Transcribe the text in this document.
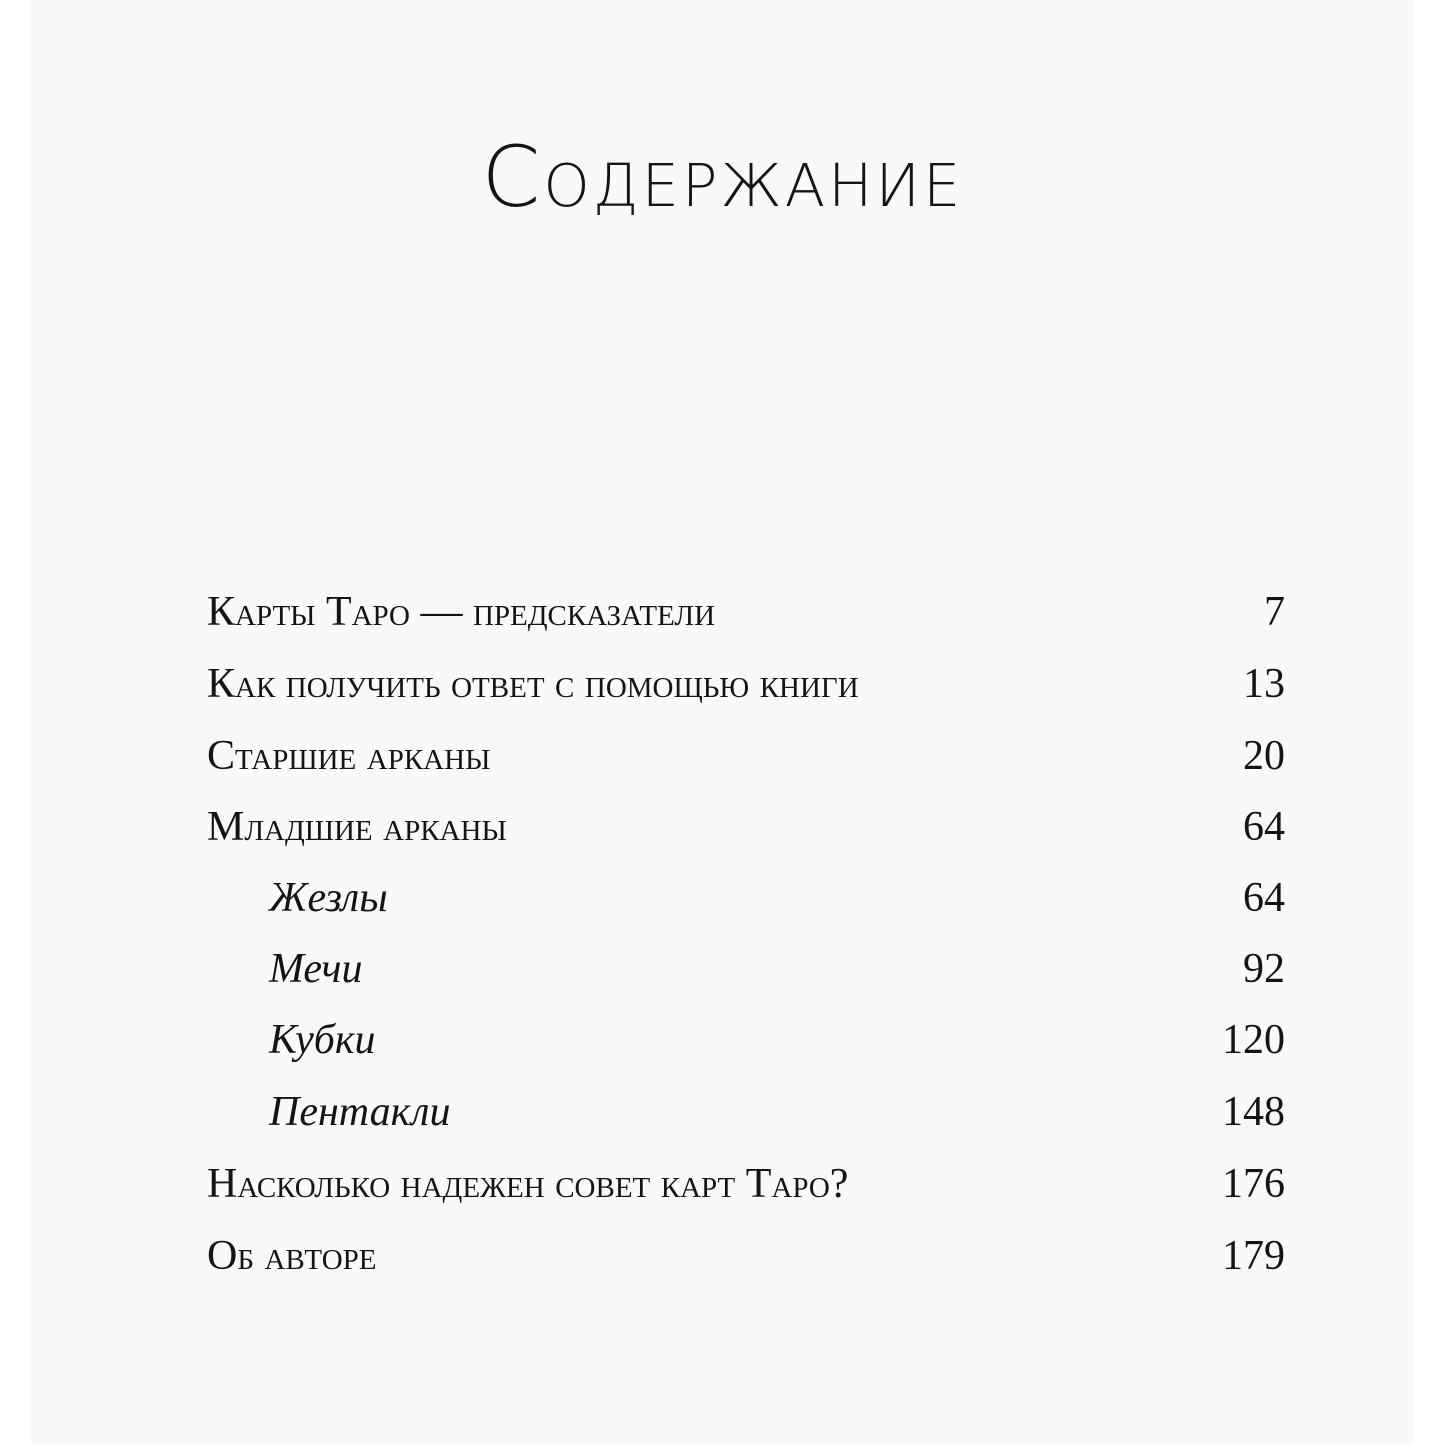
Содержание
Карты Таро — предсказатели	7
Как получить ответ с помощью книги	13
Старшие арканы	20
Младшие арканы	64
Жезлы	64
Мечи	92
Кубки	120
Пентакли	148
Насколько надежен совет карт Таро?	176
Об авторе	179
